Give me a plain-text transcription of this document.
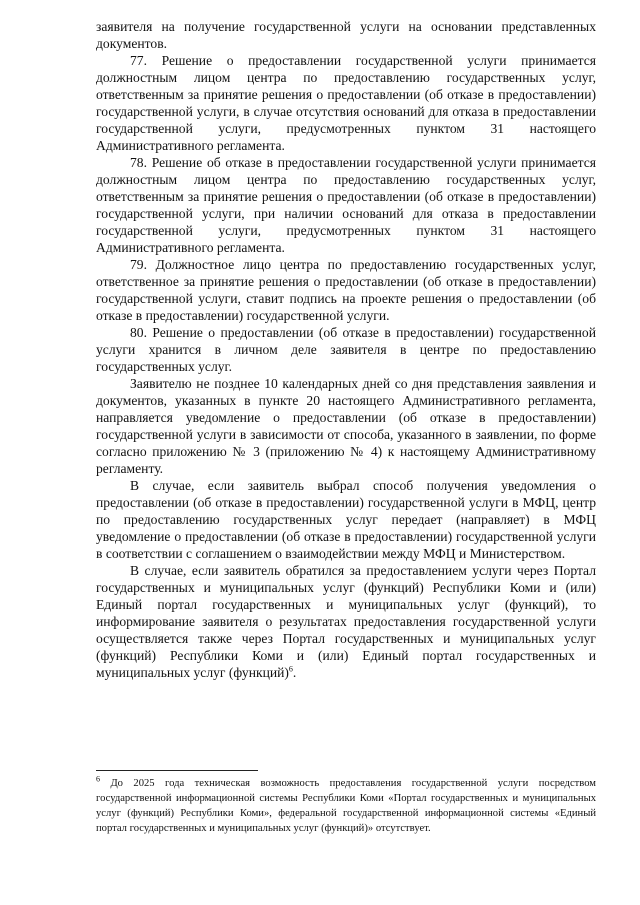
заявителя на получение государственной услуги на основании представленных документов.

77. Решение о предоставлении государственной услуги принимается должностным лицом центра по предоставлению государственных услуг, ответственным за принятие решения о предоставлении (об отказе в предоставлении) государственной услуги, в случае отсутствия оснований для отказа в предоставлении государственной услуги, предусмотренных пунктом 31 настоящего Административного регламента.

78. Решение об отказе в предоставлении государственной услуги принимается должностным лицом центра по предоставлению государственных услуг, ответственным за принятие решения о предоставлении (об отказе в предоставлении) государственной услуги, при наличии оснований для отказа в предоставлении государственной услуги, предусмотренных пунктом 31 настоящего Административного регламента.

79. Должностное лицо центра по предоставлению государственных услуг, ответственное за принятие решения о предоставлении (об отказе в предоставлении) государственной услуги, ставит подпись на проекте решения о предоставлении (об отказе в предоставлении) государственной услуги.

80. Решение о предоставлении (об отказе в предоставлении) государственной услуги хранится в личном деле заявителя в центре по предоставлению государственных услуг.

Заявителю не позднее 10 календарных дней со дня представления заявления и документов, указанных в пункте 20 настоящего Административного регламента, направляется уведомление о предоставлении (об отказе в предоставлении) государственной услуги в зависимости от способа, указанного в заявлении, по форме согласно приложению № 3 (приложению № 4) к настоящему Административному регламенту.

В случае, если заявитель выбрал способ получения уведомления о предоставлении (об отказе в предоставлении) государственной услуги в МФЦ, центр по предоставлению государственных услуг передает (направляет) в МФЦ уведомление о предоставлении (об отказе в предоставлении) государственной услуги в соответствии с соглашением о взаимодействии между МФЦ и Министерством.

В случае, если заявитель обратился за предоставлением услуги через Портал государственных и муниципальных услуг (функций) Республики Коми и (или) Единый портал государственных и муниципальных услуг (функций), то информирование заявителя о результатах предоставления государственной услуги осуществляется также через Портал государственных и муниципальных услуг (функций) Республики Коми и (или) Единый портал государственных и муниципальных услуг (функций)$^6$.

$^6$ До 2025 года техническая возможность предоставления государственной услуги посредством государственной информационной системы Республики Коми «Портал государственных и муниципальных услуг (функций) Республики Коми», федеральной государственной информационной системы «Единый портал государственных и муниципальных услуг (функций)» отсутствует.
